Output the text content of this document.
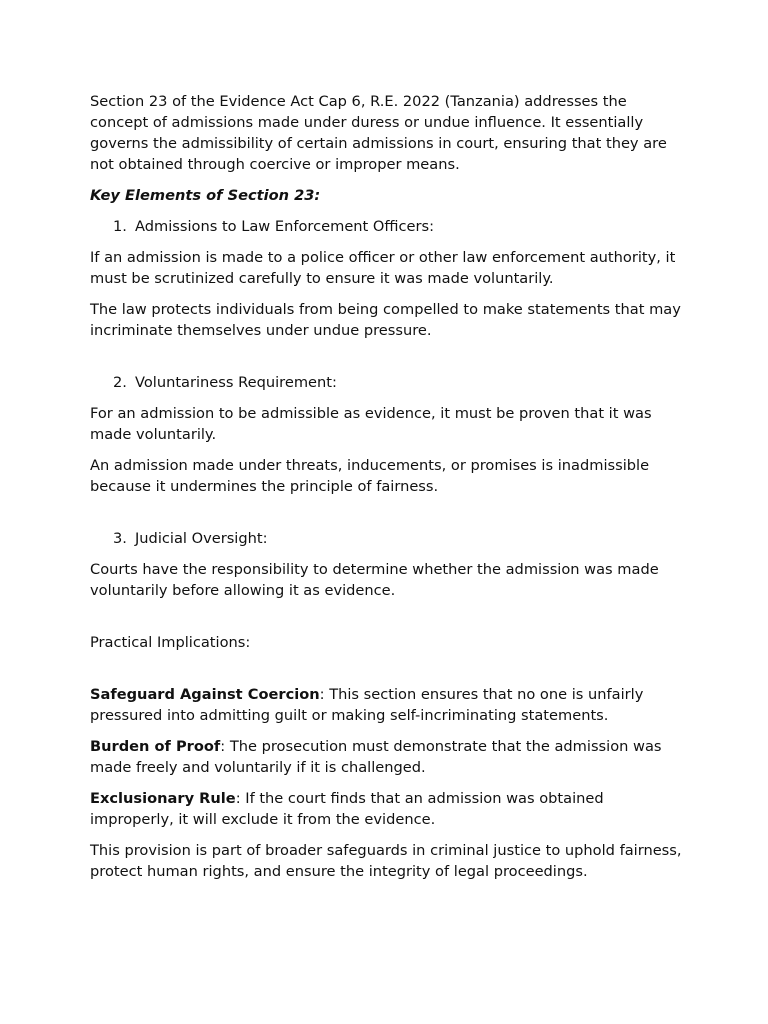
Section 23 of the Evidence Act Cap 6, R.E. 2022 (Tanzania) addresses the concept of admissions made under duress or undue influence. It essentially governs the admissibility of certain admissions in court, ensuring that they are not obtained through coercive or improper means.

Key Elements of Section 23:

1. Admissions to Law Enforcement Officers:

If an admission is made to a police officer or other law enforcement authority, it must be scrutinized carefully to ensure it was made voluntarily.

The law protects individuals from being compelled to make statements that may incriminate themselves under undue pressure.

2. Voluntariness Requirement:

For an admission to be admissible as evidence, it must be proven that it was made voluntarily.

An admission made under threats, inducements, or promises is inadmissible because it undermines the principle of fairness.

3. Judicial Oversight:

Courts have the responsibility to determine whether the admission was made voluntarily before allowing it as evidence.

Practical Implications:

Safeguard Against Coercion: This section ensures that no one is unfairly pressured into admitting guilt or making self-incriminating statements.

Burden of Proof: The prosecution must demonstrate that the admission was made freely and voluntarily if it is challenged.

Exclusionary Rule: If the court finds that an admission was obtained improperly, it will exclude it from the evidence.

This provision is part of broader safeguards in criminal justice to uphold fairness, protect human rights, and ensure the integrity of legal proceedings.
